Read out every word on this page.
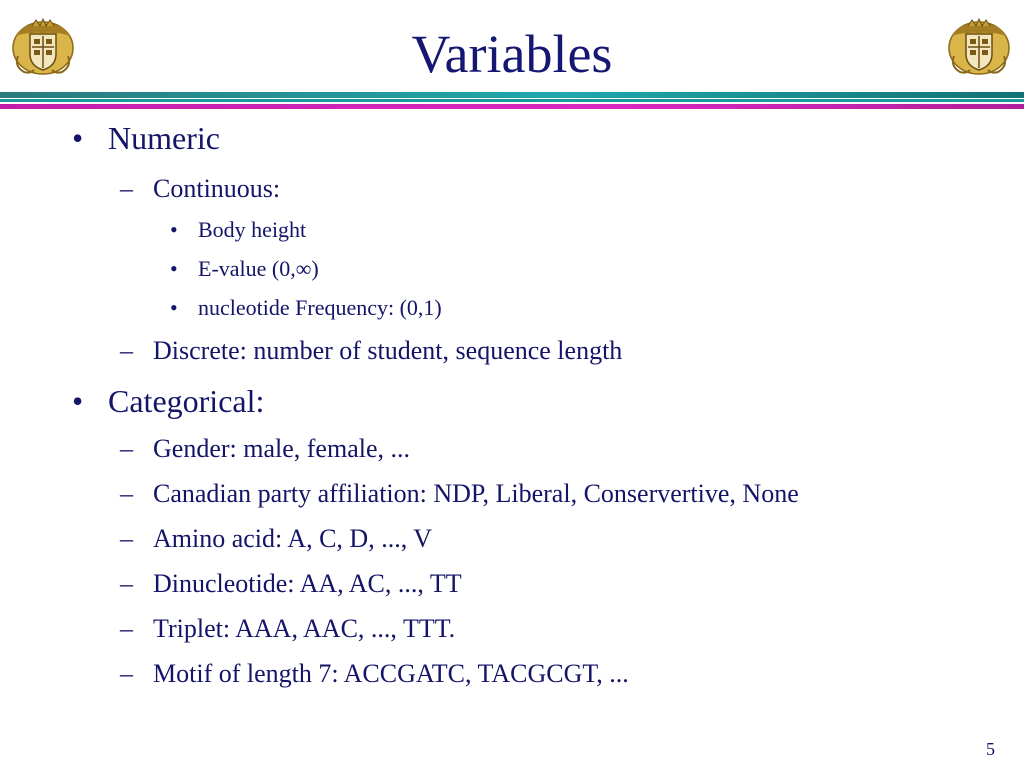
Variables
• Numeric
– Continuous:
• Body height
• E-value (0,∞)
• nucleotide Frequency: (0,1)
– Discrete: number of student, sequence length
• Categorical:
– Gender: male, female, ...
– Canadian party affiliation: NDP, Liberal, Conservertive, None
– Amino acid: A, C, D, ..., V
– Dinucleotide: AA, AC, ..., TT
– Triplet: AAA, AAC, ..., TTT.
– Motif of length 7: ACCGATC, TACGCGT, ...
5
